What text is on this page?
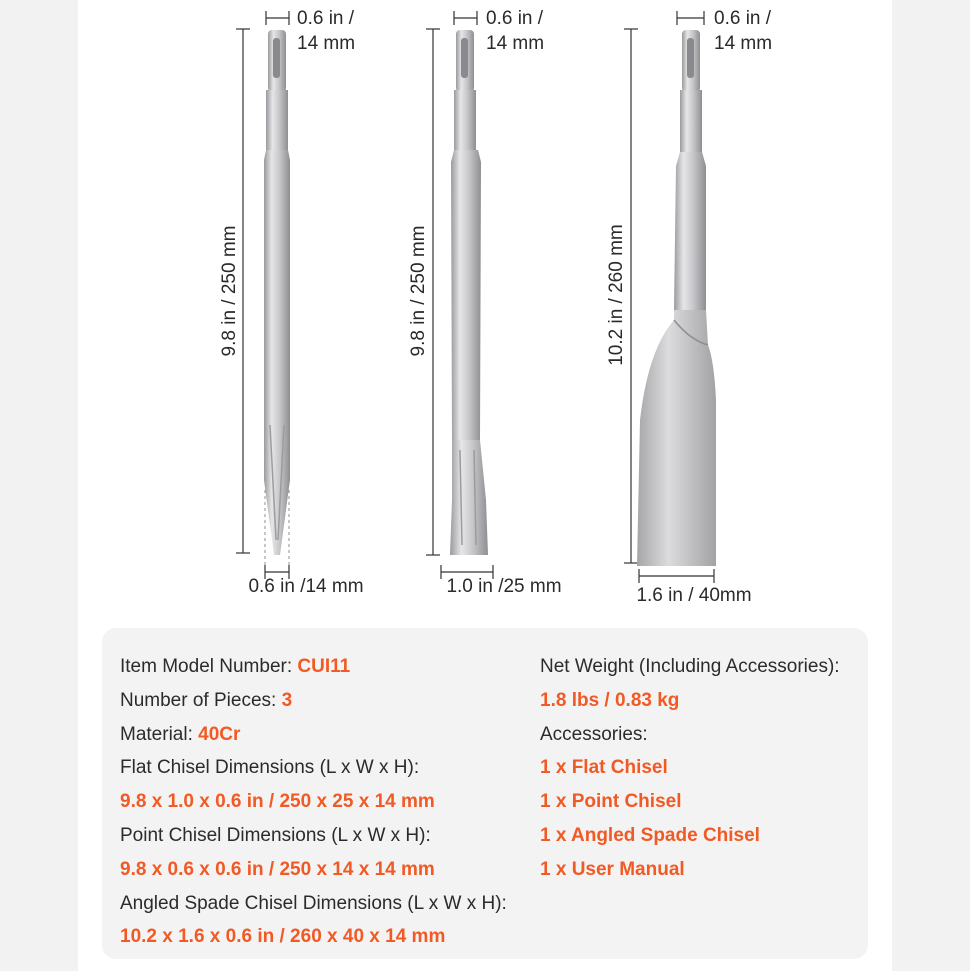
0.6 in /
14 mm
9.8 in / 250 mm
0.6 in /14 mm
0.6 in /
14 mm
9.8 in / 250 mm
1.0 in /25 mm
0.6 in /
14 mm
10.2 in / 260 mm
1.6 in / 40mm
Item Model Number: CUI11
Number of Pieces: 3
Material: 40Cr
Flat Chisel Dimensions (L x W x H):
9.8 x 1.0 x 0.6 in / 250 x 25 x 14 mm
Point Chisel Dimensions (L x W x H):
9.8 x 0.6 x 0.6 in / 250 x 14 x 14 mm
Angled Spade Chisel Dimensions (L x W x H):
10.2 x 1.6 x 0.6 in / 260 x 40 x 14 mm
Net Weight (Including Accessories):
1.8 lbs / 0.83 kg
Accessories:
1 x Flat Chisel
1 x Point Chisel
1 x Angled Spade Chisel
1 x User Manual
